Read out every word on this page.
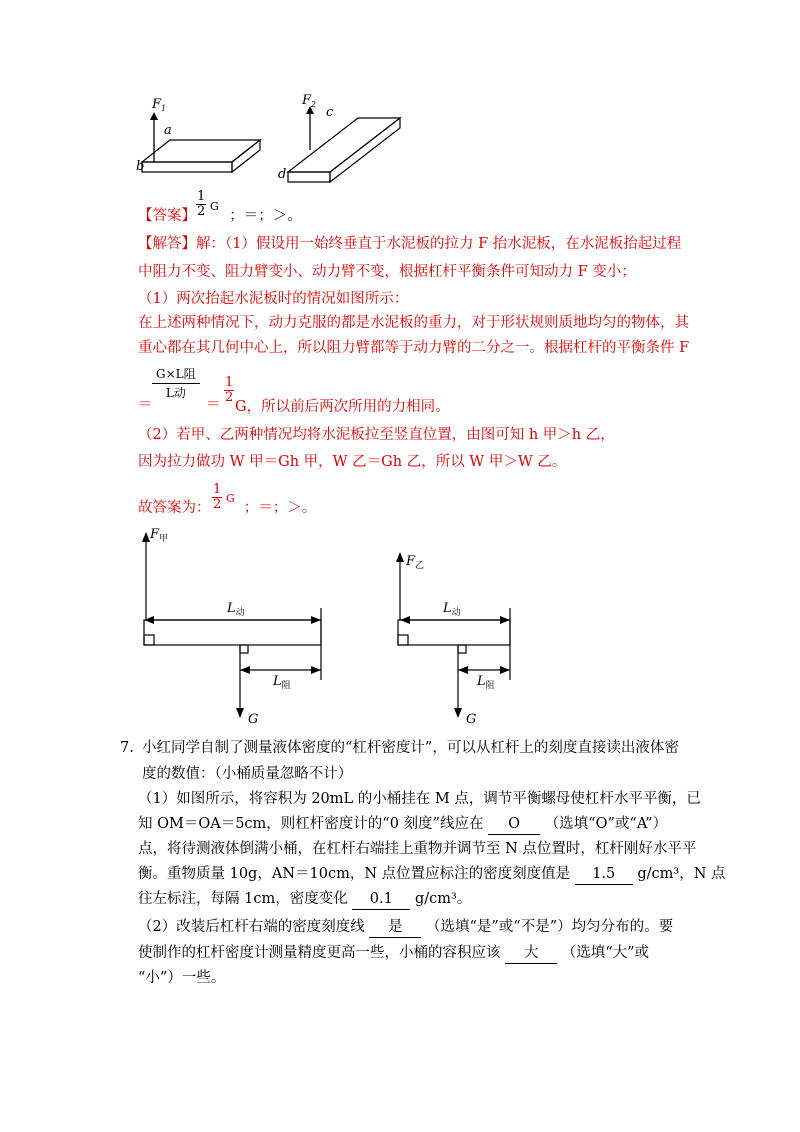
$F_1$
a
b
$F_2$
c
d
【答案】 ；＝；＞。
$\frac{1}{2}$ G
【解答】解：（1）假设用一始终垂直于水泥板的拉力 F 抬水泥板，在水泥板抬起过程
中阻力不变、阻力臂变小、动力臂不变，根据杠杆平衡条件可知动力 F 变小；
（1）两次抬起水泥板时的情况如图所示：
在上述两种情况下，动力克服的都是水泥板的重力，对于形状规则质地均匀的物体，其
重心都在其几何中心上，所以阻力臂都等于动力臂的二分之一。根据杠杆的平衡条件 F
G×L阻
L动
＝	＝ $\frac{1}{2}$
G，所以前后两次所用的力相同。
（2）若甲、乙两种情况均将水泥板拉至竖直位置，由图可知 h 甲＞h 乙，
因为拉力做功 W 甲＝Gh 甲，W 乙＝Gh 乙，所以 W 甲＞W 乙。
故答案为： ；＝；＞。
$\frac{1}{2}$ G
$F_甲$
$L_动$
$L_阻$
G
$F_乙$
$L_动$
$L_阻$
G
7. 小红同学自制了测量液体密度的“杠杆密度计”，可以从杠杆上的刻度直接读出液体密
度的数值：（小桶质量忽略不计）
（1）如图所示，将容积为 20mL 的小桶挂在 M 点，调节平衡螺母使杠杆水平平衡，已
知 OM＝OA＝5cm，则杠杆密度计的“0 刻度”线应在 O （选填“O”或“A”）
点，将待测液体倒满小桶，在杠杆右端挂上重物并调节至 N 点位置时，杠杆刚好水平平
衡。重物质量 10g，AN＝10cm，N 点位置应标注的密度刻度值是 1.5 g/cm³，N 点
往左标注，每隔 1cm，密度变化 0.1 g/cm³。
（2）改装后杠杆右端的密度刻度线 是 （选填“是”或“不是”）均匀分布的。要
使制作的杠杆密度计测量精度更高一些，小桶的容积应该 大 （选填“大”或
“小”）一些。
